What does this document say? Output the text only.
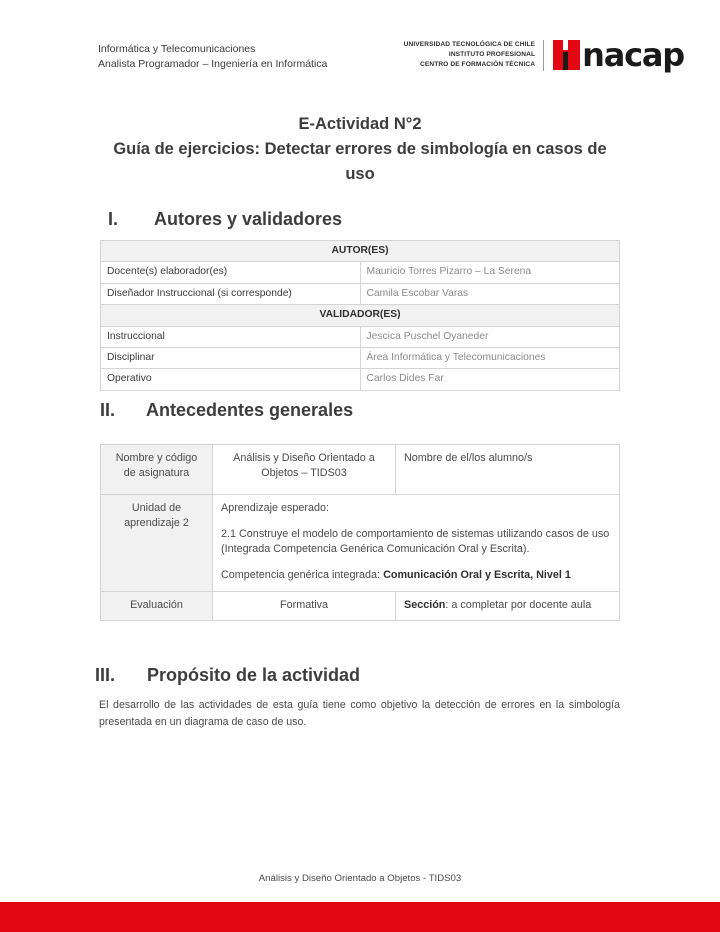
Informática y Telecomunicaciones
Analista Programador – Ingeniería en Informática
UNIVERSIDAD TECNOLÓGICA DE CHILE
INSTITUTO PROFESIONAL
CENTRO DE FORMACIÓN TÉCNICA nacap
E-Actividad N°2
Guía de ejercicios: Detectar errores de simbología en casos de uso
I.	Autores y validadores
AUTOR(ES)	
Docente(s) elaborador(es)	Mauricio Torres Pizarro – La Serena
Diseñador Instruccional (si corresponde)	Camila Escobar Varas
VALIDADOR(ES)	
Instruccional	Jescica Puschel Oyaneder
Disciplinar	Área Informática y Telecomunicaciones
Operativo	Carlos Dides Far
II.	Antecedentes generales
Nombre y código de asignatura	Análisis y Diseño Orientado a Objetos – TIDS03	Nombre de el/los alumno/s
Unidad de aprendizaje 2	Aprendizaje esperado:

2.1 Construye el modelo de comportamiento de sistemas utilizando casos de uso (Integrada Competencia Genérica Comunicación Oral y Escrita).

Competencia genérica integrada: Comunicación Oral y Escrita, Nivel 1	

Evaluación	Formativa	Sección: a completar por docente aula
III.	Propósito de la actividad
El desarrollo de las actividades de esta guía tiene como objetivo la detección de errores en la simbología presentada en un diagrama de caso de uso.
Análisis y Diseño Orientado a Objetos - TIDS03
